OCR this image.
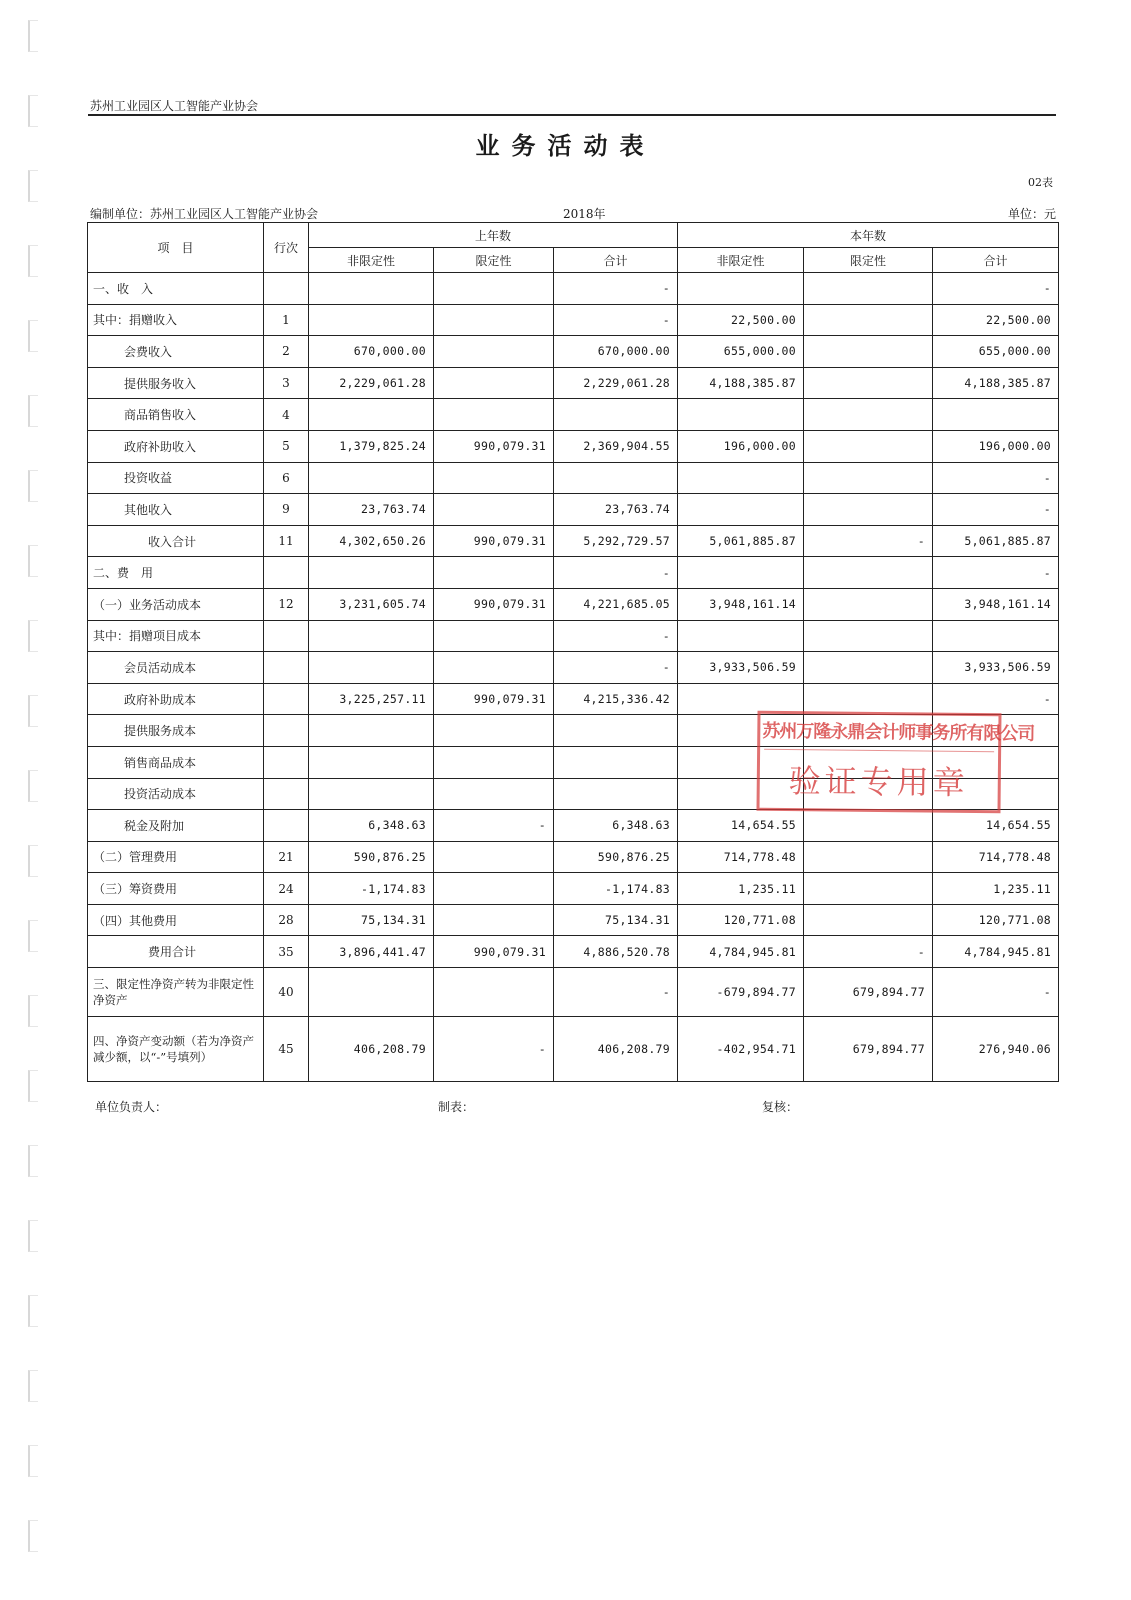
苏州工业园区人工智能产业协会
业务活动表
02表
编制单位：苏州工业园区人工智能产业协会	2018年	单位：元
项　目	行次	上年数			本年数		
		非限定性	限定性	合计	非限定性	限定性	合计
一、收　入				-			-
其中：捐赠收入	1			-	22,500.00		22,500.00
会费收入	2	670,000.00		670,000.00	655,000.00		655,000.00
提供服务收入	3	2,229,061.28		2,229,061.28	4,188,385.87		4,188,385.87
商品销售收入	4						
政府补助收入	5	1,379,825.24	990,079.31	2,369,904.55	196,000.00		196,000.00
投资收益	6						-
其他收入	9	23,763.74		23,763.74			-
收入合计	11	4,302,650.26	990,079.31	5,292,729.57	5,061,885.87	-	5,061,885.87
二、费　用				-			-
（一）业务活动成本	12	3,231,605.74	990,079.31	4,221,685.05	3,948,161.14		3,948,161.14
其中：捐赠项目成本				-			
会员活动成本				-	3,933,506.59		3,933,506.59
政府补助成本		3,225,257.11	990,079.31	4,215,336.42			-
提供服务成本							
销售商品成本							
投资活动成本							
税金及附加		6,348.63	-	6,348.63	14,654.55		14,654.55
（二）管理费用	21	590,876.25		590,876.25	714,778.48		714,778.48
（三）筹资费用	24	-1,174.83		-1,174.83	1,235.11		1,235.11
（四）其他费用	28	75,134.31		75,134.31	120,771.08		120,771.08
费用合计	35	3,896,441.47	990,079.31	4,886,520.78	4,784,945.81	-	4,784,945.81
三、限定性净资产转为非限定性净资产	40			-	-679,894.77	679,894.77	-
四、净资产变动额（若为净资产减少额，以“-”号填列）	45	406,208.79	-	406,208.79	-402,954.71	679,894.77	276,940.06
苏州万隆永鼎会计师事务所有限公司
验证专用章
单位负责人：	制表：	复核：
